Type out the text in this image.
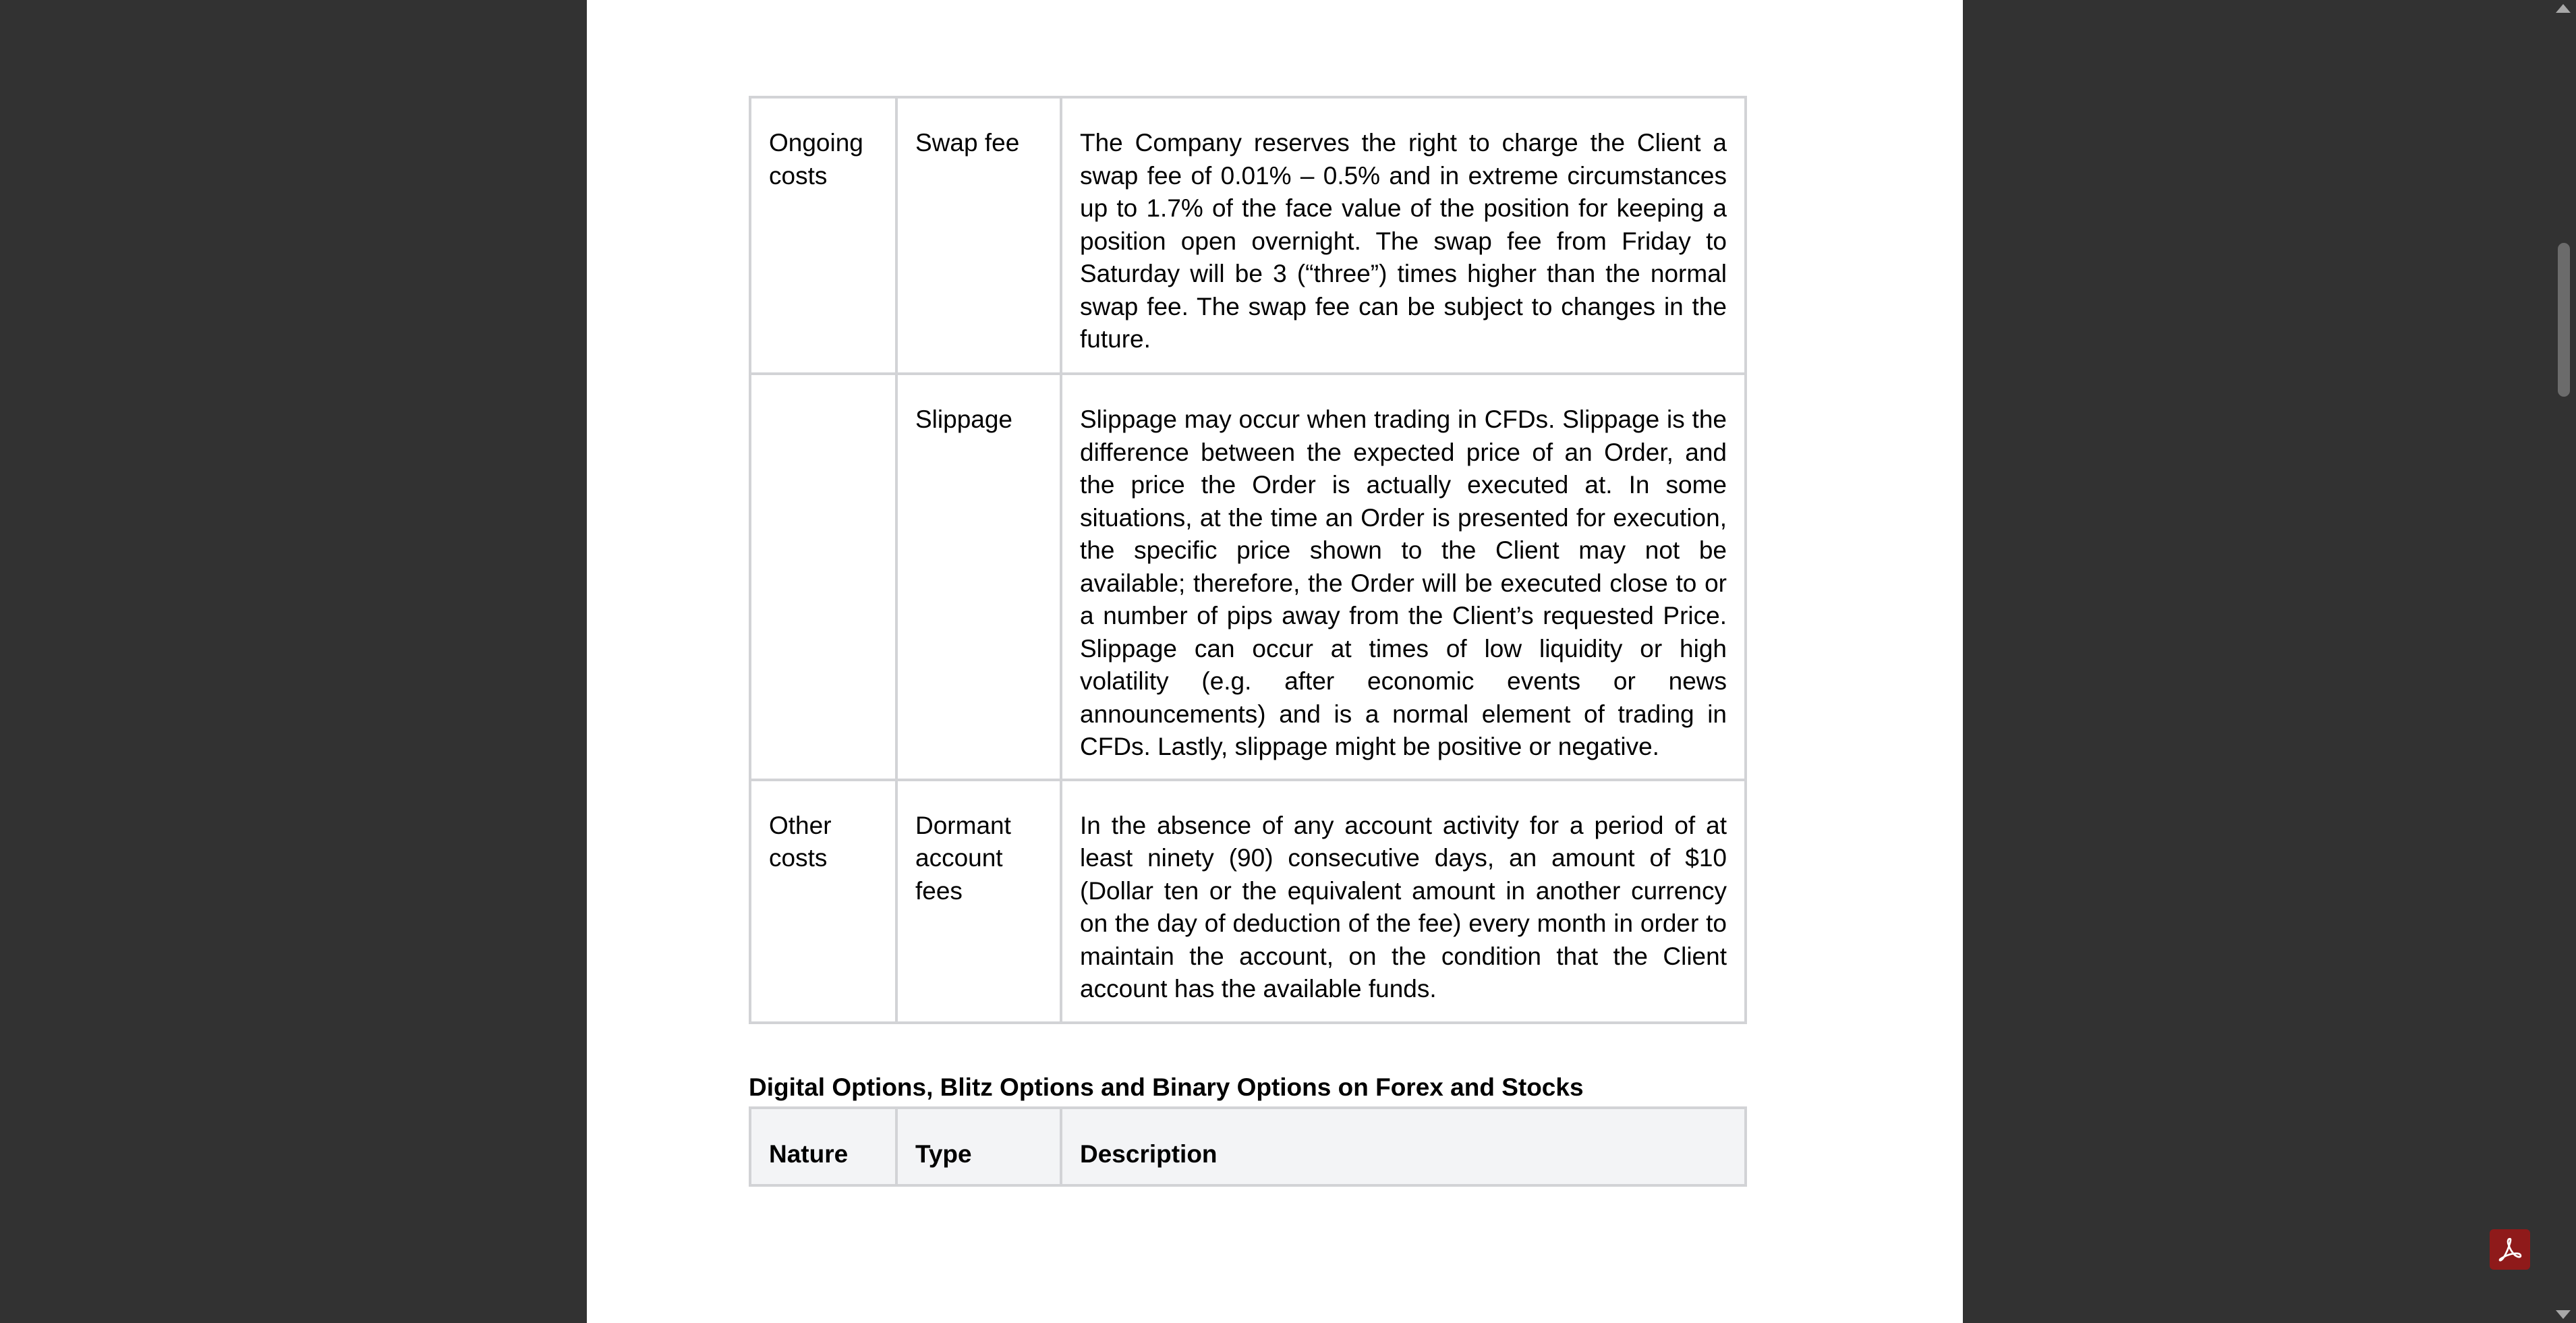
Ongoing costs	Swap fee	The Company reserves the right to charge the Client a swap fee of 0.01% – 0.5% and in extreme circumstances up to 1.7% of the face value of the position for keeping a position open overnight. The swap fee from Friday to Saturday will be 3 (“three”) times higher than the normal swap fee. The swap fee can be subject to changes in the future.
	Slippage	Slippage may occur when trading in CFDs. Slippage is the difference between the expected price of an Order, and the price the Order is actually executed at. In some situations, at the time an Order is presented for execution, the specific price shown to the Client may not be available; therefore, the Order will be executed close to or a number of pips away from the Client’s requested Price. Slippage can occur at times of low liquidity or high volatility (e.g. after economic events or news announcements) and is a normal element of trading in CFDs. Lastly, slippage might be positive or negative.
Other costs	Dormant account fees	In the absence of any account activity for a period of at least ninety (90) consecutive days, an amount of $10 (Dollar ten or the equivalent amount in another currency on the day of deduction of the fee) every month in order to maintain the account, on the condition that the Client account has the available funds.
Digital Options, Blitz Options and Binary Options on Forex and Stocks
Nature	Type	Description
